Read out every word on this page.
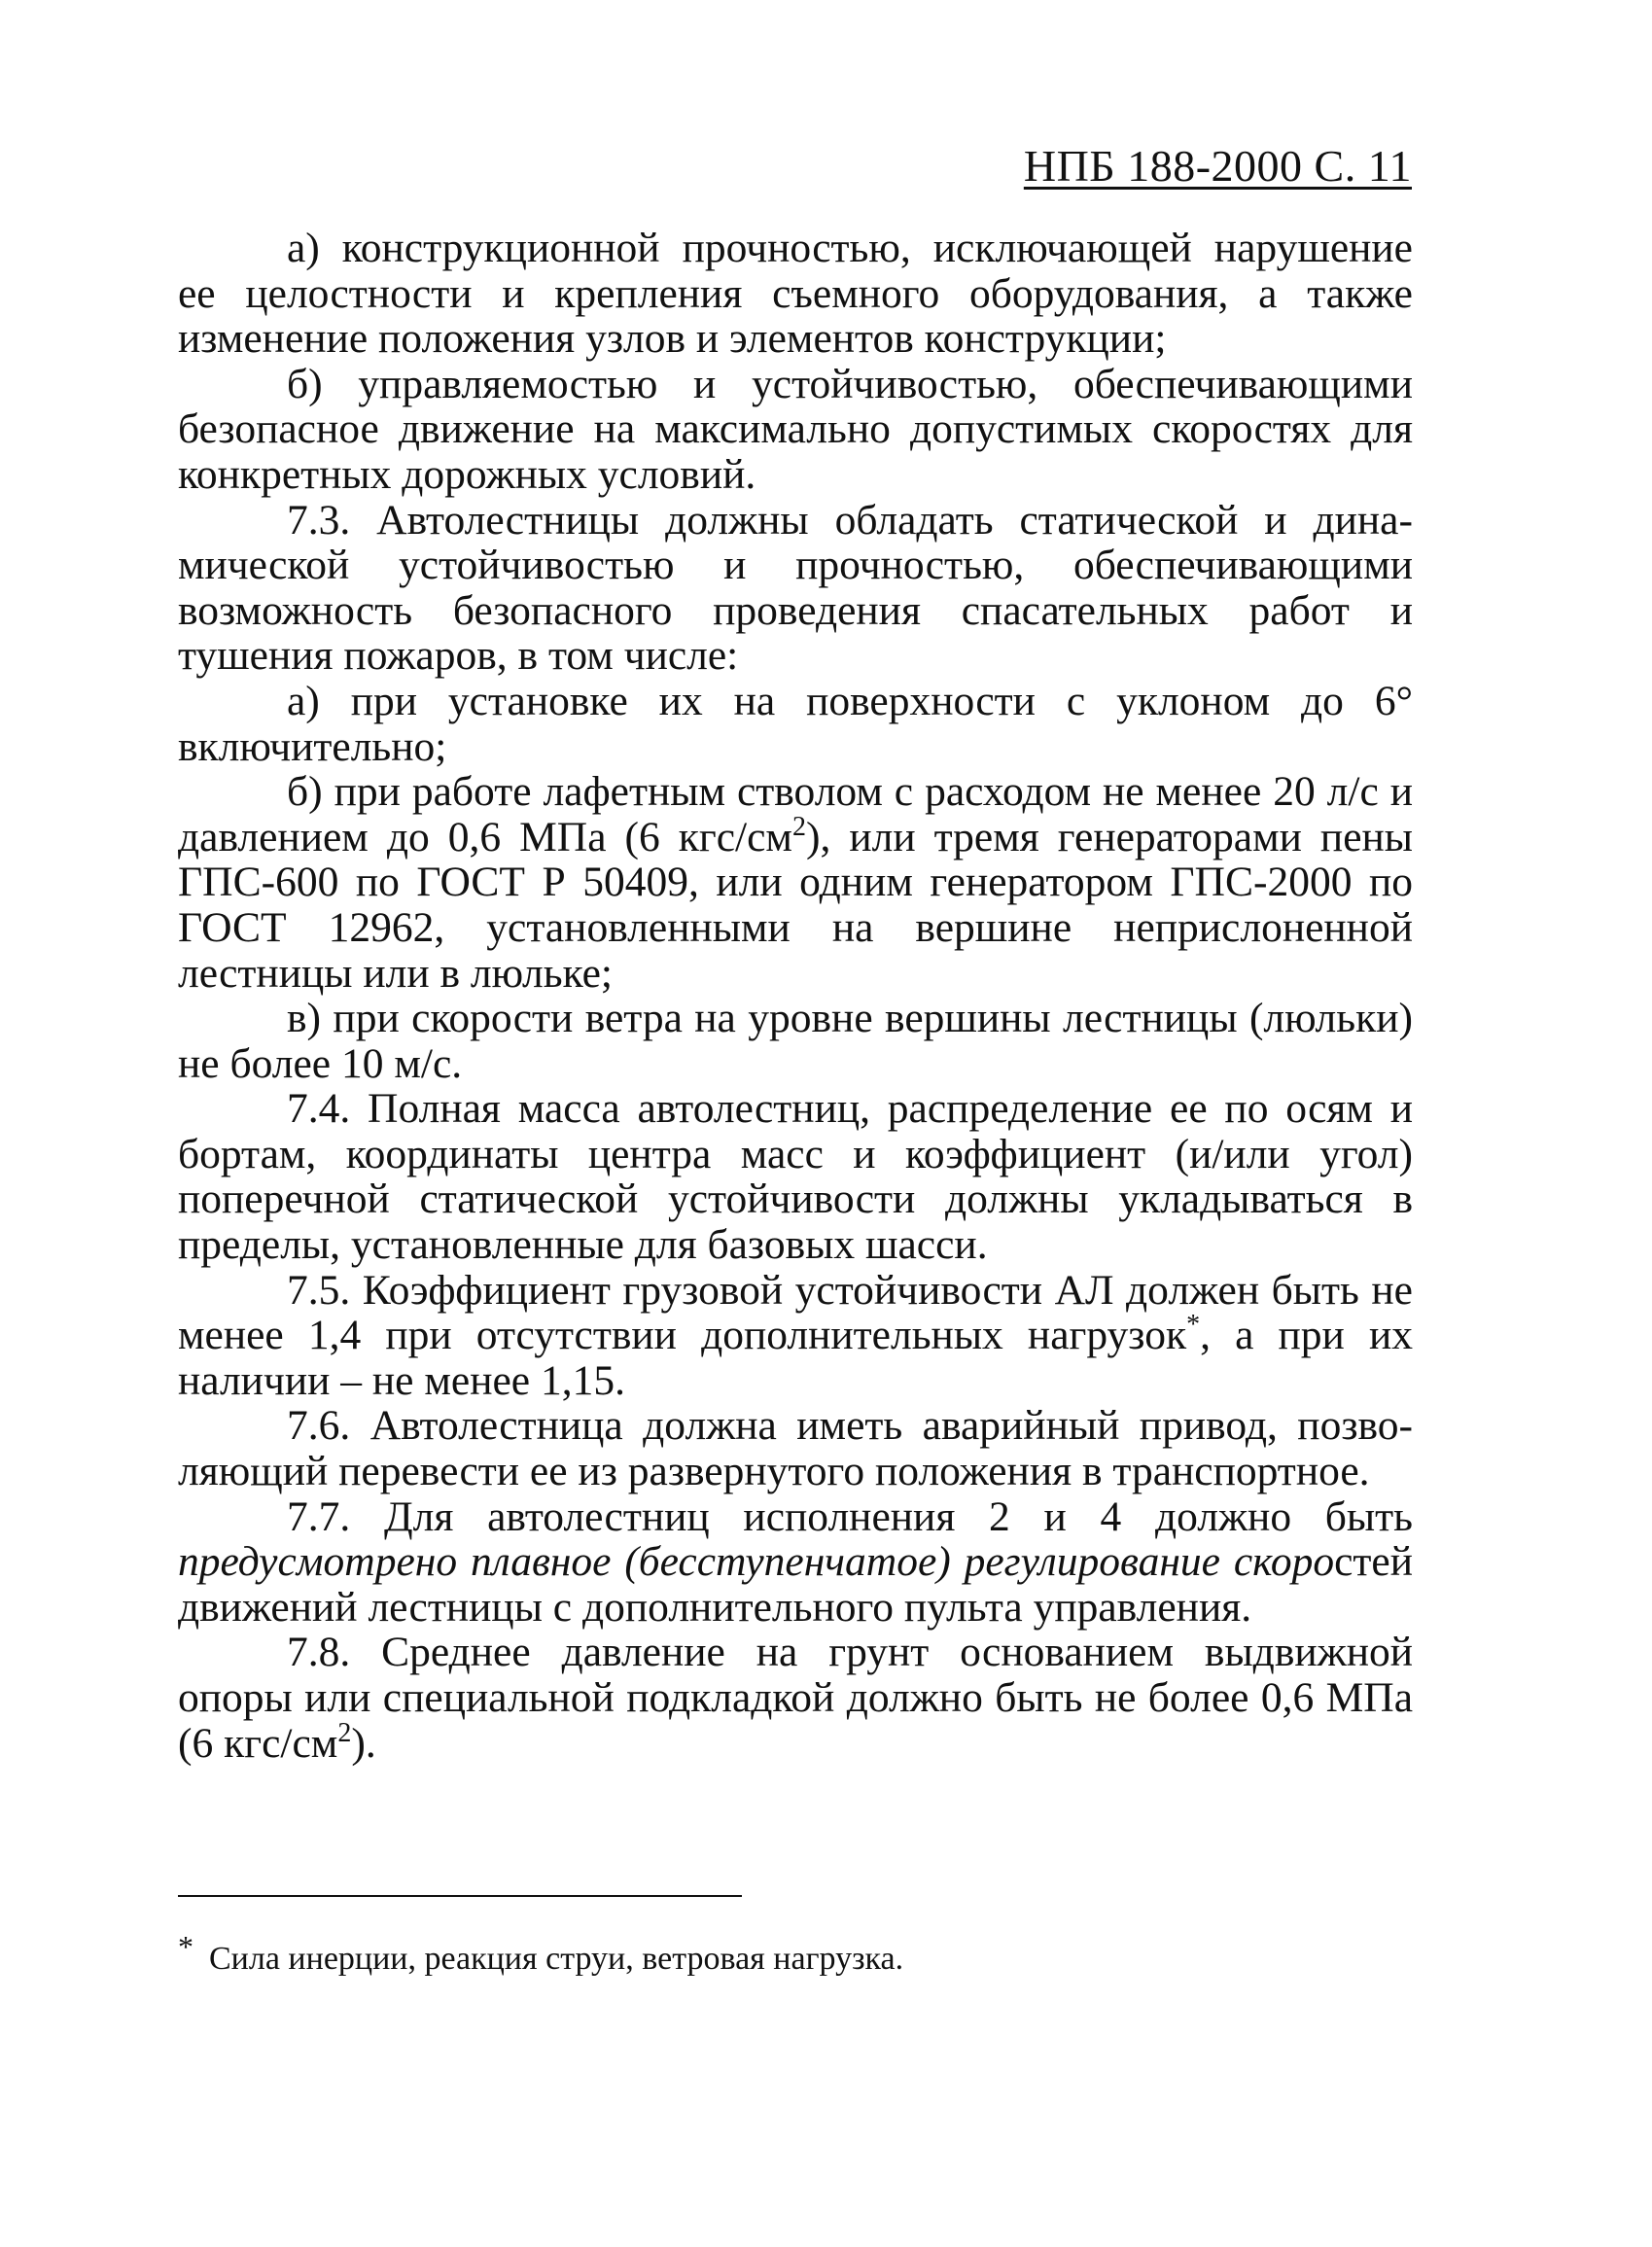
НПБ 188-2000 С. 11

а) конструкционной прочностью, исключающей нарушение ее целостности и крепления съемного оборудования, а также изменение положения узлов и элементов конструкции;

б) управляемостью и устойчивостью, обеспечивающими безопасное движение на максимально допустимых скоростях для конкретных дорожных условий.

7.3. Автолестницы должны обладать статической и динамической устойчивостью и прочностью, обеспечивающими возможность безопасного проведения спасательных работ и тушения пожаров, в том числе:

а) при установке их на поверхности с уклоном до 6° включительно;

б) при работе лафетным стволом с расходом не менее 20 л/с и давлением до 0,6 МПа (6 кгс/$см^2$), или тремя генераторами пены ГПС-600 по ГОСТ Р 50409, или одним генератором ГПС-2000 по ГОСТ 12962, установленными на вершине неприслоненной лестницы или в люльке;

в) при скорости ветра на уровне вершины лестницы (люльки) не более 10 м/с.

7.4. Полная масса автолестниц, распределение ее по осям и бортам, координаты центра масс и коэффициент (и/или угол) поперечной статической устойчивости должны укладываться в пределы, установленные для базовых шасси.

7.5. Коэффициент грузовой устойчивости АЛ должен быть не менее 1,4 при отсутствии дополнительных нагрузок*, а при их наличии – не менее 1,15.

7.6. Автолестница должна иметь аварийный привод, позволяющий перевести ее из развернутого положения в транспортное.

7.7. Для автолестниц исполнения 2 и 4 должно быть предусмотрено плавное (бесступенчатое) регулирование скоростей движений лестницы с дополнительного пульта управления.

7.8. Среднее давление на грунт основанием выдвижной опоры или специальной подкладкой должно быть не более 0,6 МПа (6 кгс/$см^2$).

* Сила инерции, реакция струи, ветровая нагрузка.
